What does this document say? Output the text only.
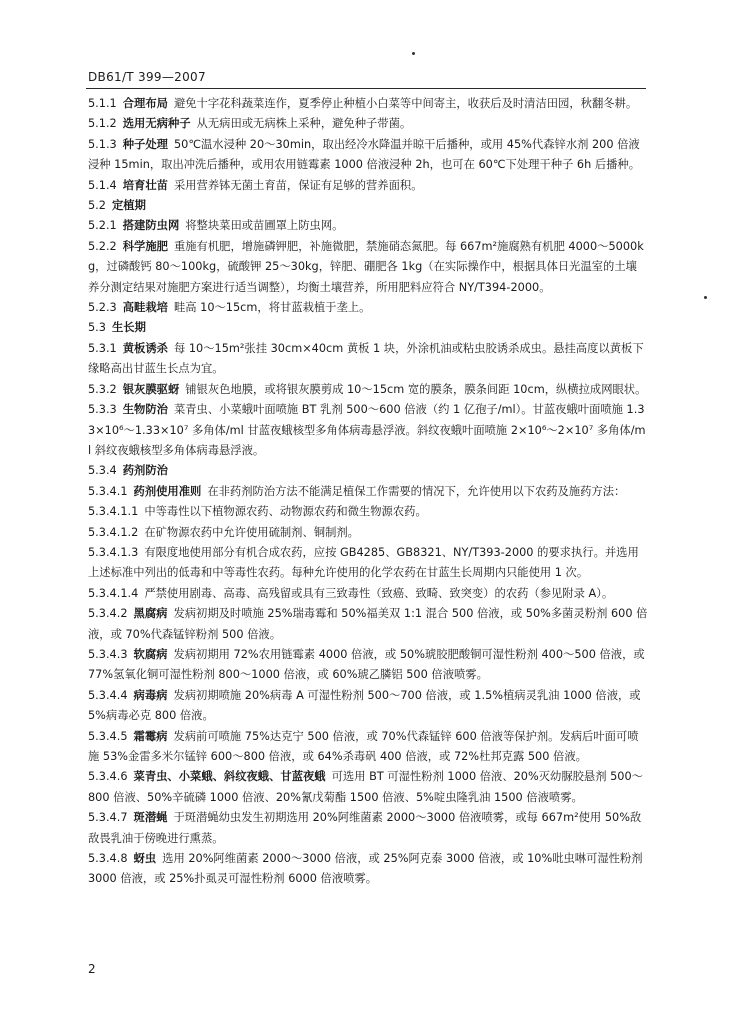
DB61/T 399—2007
5.1.1 合理布局 避免十字花科蔬菜连作，夏季停止种植小白菜等中间寄主，收获后及时清洁田园，秋翻冬耕。
5.1.2 选用无病种子 从无病田或无病株上采种，避免种子带菌。
5.1.3 种子处理 50℃温水浸种 20～30min，取出经冷水降温并晾干后播种，或用 45%代森锌水剂 200 倍液浸种 15min，取出冲洗后播种，或用农用链霉素 1000 倍液浸种 2h，也可在 60℃下处理干种子 6h 后播种。
5.1.4 培育壮苗 采用营养钵无菌土育苗，保证有足够的营养面积。
5.2 定植期
5.2.1 搭建防虫网 将整块菜田或苗圃罩上防虫网。
5.2.2 科学施肥 重施有机肥，增施磷钾肥，补施微肥，禁施硝态氮肥。每 667m²施腐熟有机肥 4000～5000kg，过磷酸钙 80～100kg，硫酸钾 25～30kg，锌肥、硼肥各 1kg（在实际操作中，根据具体日光温室的土壤养分测定结果对施肥方案进行适当调整），均衡土壤营养，所用肥料应符合 NY/T394-2000。
5.2.3 高畦栽培 畦高 10～15cm，将甘蓝栽植于垄上。
5.3 生长期
5.3.1 黄板诱杀 每 10～15m²张挂 30cm×40cm 黄板 1 块，外涂机油或粘虫胶诱杀成虫。悬挂高度以黄板下缘略高出甘蓝生长点为宜。
5.3.2 银灰膜驱蚜 铺银灰色地膜，或将银灰膜剪成 10～15cm 宽的膜条，膜条间距 10cm，纵横拉成网眼状。
5.3.3 生物防治 菜青虫、小菜蛾叶面喷施 BT 乳剂 500～600 倍液（约 1 亿孢子/ml）。甘蓝夜蛾叶面喷施 1.33×10⁶～1.33×10⁷ 多角体/ml 甘蓝夜蛾核型多角体病毒悬浮液。斜纹夜蛾叶面喷施 2×10⁶～2×10⁷ 多角体/ml 斜纹夜蛾核型多角体病毒悬浮液。
5.3.4 药剂防治
5.3.4.1 药剂使用准则 在非药剂防治方法不能满足植保工作需要的情况下，允许使用以下农药及施药方法：
5.3.4.1.1 中等毒性以下植物源农药、动物源农药和微生物源农药。
5.3.4.1.2 在矿物源农药中允许使用硫制剂、铜制剂。
5.3.4.1.3 有限度地使用部分有机合成农药，应按 GB4285、GB8321、NY/T393-2000 的要求执行。并选用上述标准中列出的低毒和中等毒性农药。每种允许使用的化学农药在甘蓝生长周期内只能使用 1 次。
5.3.4.1.4 严禁使用剧毒、高毒、高残留或具有三致毒性（致癌、致畸、致突变）的农药（参见附录 A）。
5.3.4.2 黑腐病 发病初期及时喷施 25%瑞毒霉和 50%福美双 1:1 混合 500 倍液，或 50%多菌灵粉剂 600 倍液，或 70%代森锰锌粉剂 500 倍液。
5.3.4.3 软腐病 发病初期用 72%农用链霉素 4000 倍液，或 50%琥胶肥酸铜可湿性粉剂 400～500 倍液，或 77%氢氧化铜可湿性粉剂 800～1000 倍液，或 60%琥乙膦铝 500 倍液喷雾。
5.3.4.4 病毒病 发病初期喷施 20%病毒 A 可湿性粉剂 500～700 倍液，或 1.5%植病灵乳油 1000 倍液，或 5%病毒必克 800 倍液。
5.3.4.5 霜霉病 发病前可喷施 75%达克宁 500 倍液，或 70%代森锰锌 600 倍液等保护剂。发病后叶面可喷施 53%金雷多米尔锰锌 600～800 倍液，或 64%杀毒矾 400 倍液，或 72%杜邦克露 500 倍液。
5.3.4.6 菜青虫、小菜蛾、斜纹夜蛾、甘蓝夜蛾 可选用 BT 可湿性粉剂 1000 倍液、20%灭幼脲胶悬剂 500～800 倍液、50%辛硫磷 1000 倍液、20%氰戊菊酯 1500 倍液、5%啶虫隆乳油 1500 倍液喷雾。
5.3.4.7 斑潜蝇 于斑潜蝇幼虫发生初期选用 20%阿维菌素 2000～3000 倍液喷雾，或每 667m²使用 50%敌敌畏乳油于傍晚进行熏蒸。
5.3.4.8 蚜虫 选用 20%阿维菌素 2000～3000 倍液，或 25%阿克泰 3000 倍液，或 10%吡虫啉可湿性粉剂 3000 倍液，或 25%扑虱灵可湿性粉剂 6000 倍液喷雾。
2
